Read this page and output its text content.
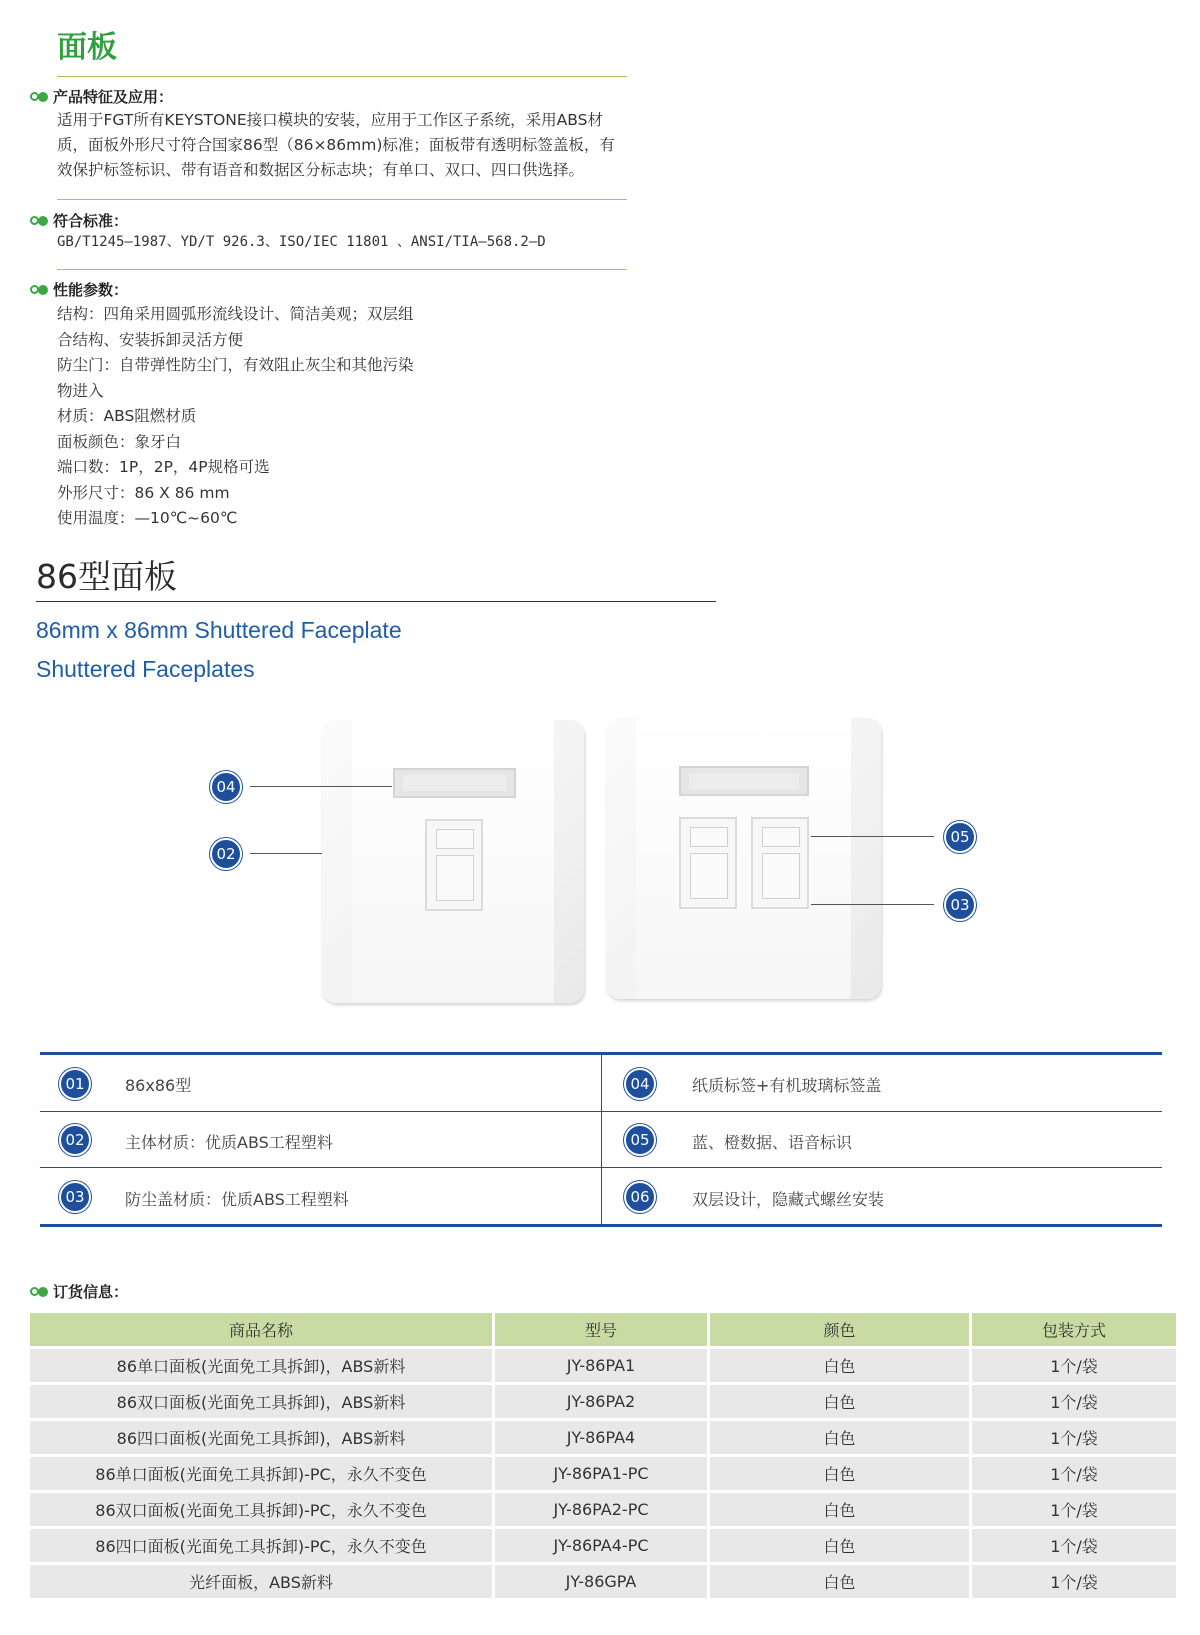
面板
产品特征及应用：
适用于FGT所有KEYSTONE接口模块的安装，应用于工作区子系统，采用ABS材
质，面板外形尺寸符合国家86型（86×86mm)标准；面板带有透明标签盖板，有
效保护标签标识、带有语音和数据区分标志块；有单口、双口、四口供选择。
符合标准：
GB/T1245—1987、YD/T 926.3、ISO/IEC 11801 、ANSI/TIA—568.2—D
性能参数：
结构：四角采用圆弧形流线设计、简洁美观；双层组
合结构、安装拆卸灵活方便
防尘门：自带弹性防尘门，有效阻止灰尘和其他污染
物进入
材质：ABS阻燃材质
面板颜色：象牙白
端口数：1P，2P，4P规格可选
外形尺寸：86 X 86 mm
使用温度：—10℃~60℃
86型面板
86mm x 86mm Shuttered Faceplate
Shuttered Faceplates
04
02
05
03
01	86x86型	04	纸质标签+有机玻璃标签盖
02	主体材质：优质ABS工程塑料	05	蓝、橙数据、语音标识
03	防尘盖材质：优质ABS工程塑料	06	双层设计，隐藏式螺丝安装
订货信息：
商品名称	型号	颜色	包装方式
86单口面板(光面免工具拆卸)，ABS新料	JY-86PA1	白色	1个/袋
86双口面板(光面免工具拆卸)，ABS新料	JY-86PA2	白色	1个/袋
86四口面板(光面免工具拆卸)，ABS新料	JY-86PA4	白色	1个/袋
86单口面板(光面免工具拆卸)-PC，永久不变色	JY-86PA1-PC	白色	1个/袋
86双口面板(光面免工具拆卸)-PC，永久不变色	JY-86PA2-PC	白色	1个/袋
86四口面板(光面免工具拆卸)-PC，永久不变色	JY-86PA4-PC	白色	1个/袋
光纤面板，ABS新料	JY-86GPA	白色	1个/袋
